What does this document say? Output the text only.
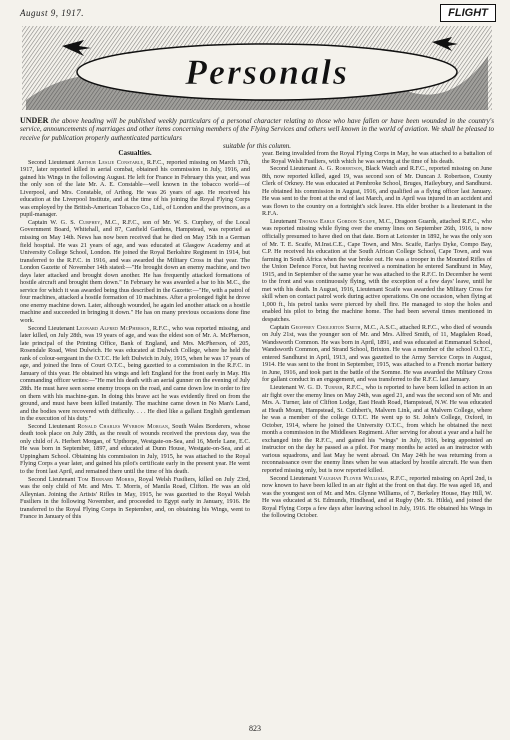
August 9, 1917.	FLIGHT
Personals
UNDER the above heading will be published weekly particulars of a personal character relating to those who have fallen or have been wounded in the country's service, announcements of marriages and other items concerning members of the Flying Services and others well known in the world of aviation. We shall be pleased to receive for publication properly authenticated particulars
suitable for this column.
Casualties.

Second Lieutenant Arthur Leslie Constable, R.F.C., reported missing on March 17th, 1917, later reported killed in aerial combat, obtained his commission in July, 1916, and gained his Wings in the following August. He left for France in February this year, and was the only son of the late Mr. A. E. Constable—well known in the tobacco world—of Liverpool, and Mrs. Constable, of Arthog. He was 26 years of age. He received his education at the Liverpool Institute, and at the time of his joining the Royal Flying Corps was employed by the British-American Tobacco Co., Ltd., of London and the provinces, as a pupil-manager.

Captain W. G. S. Curphey, M.C., R.F.C., son of Mr. W. S. Curphey, of the Local Government Board, Whitehall, and 87, Canfield Gardens, Hampstead, was reported as missing on May 14th. News has now been received that he died on May 15th in a German field hospital. He was 21 years of age, and was educated at Glasgow Academy and at University College School, London. He joined the Royal Berkshire Regiment in 1914, but transferred to the R.F.C. in 1916, and was awarded the Military Cross in that year. The London Gazette of November 14th stated:—"He brought down an enemy machine, and two days later attacked and brought down another. He has frequently attacked formations of hostile aircraft and brought them down." In February he was awarded a bar to his M.C., the service for which it was awarded being thus described in the Gazette:—"He, with a patrol of four machines, attacked a hostile formation of 10 machines. After a prolonged fight he drove one enemy machine down. Later, although wounded, he again led another attack on a hostile machine and succeeded in bringing it down." He has on many previous occasions done fine work.

Second Lieutenant Leonard Alfred McPherson, R.F.C., who was reported missing, and later killed, on July 28th, was 19 years of age, and was the eldest son of Mr. A. McPherson, late principal of the Printing Office, Bank of England, and Mrs. McPherson, of 205, Rosendale Road, West Dulwich. He was educated at Dulwich College, where he held the rank of colour-sergeant in the O.T.C. He left Dulwich in July, 1915, when he was 17 years of age, and joined the Inns of Court O.T.C., being gazetted to a commission in the R.F.C. in January of this year. He obtained his wings and left England for the front early in May. His commanding officer writes:—"He met his death with an aerial gunner on the evening of July 28th. He must have seen some enemy troops on the road, and came down low in order to fire on them with his machine-gun. In doing this brave act he was evidently fired on from the ground, and must have been killed instantly. The machine came down in No Man's Land, and the bodies were recovered with difficulty. . . . He died like a gallant English gentleman in the execution of his duty."

Second Lieutenant Ronald Charles Wybrow Morgan, South Wales Borderers, whose death took place on July 28th, as the result of wounds received the previous day, was the only child of A. Herbert Morgan, of 'Upthorpe, Westgate-on-Sea, and 16, Merle Lane, E.C. He was born in September, 1897, and educated at Dunn House, Westgate-on-Sea, and at Uppingham School. Obtaining his commission in July, 1915, he was attached to the Royal Flying Corps a year later, and gained his pilot's certificate early in the present year. He went to the front last April, and remained there until the time of his death.

Second Lieutenant Tom Bernard Morris, Royal Welsh Fusiliers, killed on July 23rd, was the only child of Mr. and Mrs. T. Morris, of Manila Road, Clifton. He was an old Alleynian. Joining the Artists' Rifles in May, 1915, he was gazetted to the Royal Welsh Fusiliers in the following November, and proceeded to Egypt early in January, 1916. He transferred to the Royal Flying Corps in September, and, on obtaining his Wings, went to France in January of this

year. Being invalided from the Royal Flying Corps in May, he was attached to a battalion of the Royal Welsh Fusiliers, with which he was serving at the time of his death.

Second Lieutenant A. G. Robertson, Black Watch and R.F.C., reported missing on June 8th, now reported killed, aged 19, was second son of Mr. Duncan J. Robertson, County Clerk of Orkney. He was educated at Pembroke School, Bruges, Haileybury, and Sandhurst. He obtained his commission in August, 1916, and qualified as a flying officer last January. He was sent to the front at the end of last March, and in April was injured in an accident and was flown to the country on a fortnight's sick leave. His elder brother is a lieutenant in the R.F.A.

Lieutenant Thomas Earle Gordon Scaife, M.C., Dragoon Guards, attached R.F.C., who was reported missing while flying over the enemy lines on September 26th, 1916, is now officially presumed to have died on that date. Born at Leicester in 1892, he was the only son of Mr. T. E. Scaife, M.Inst.C.E., Cape Town, and Mrs. Scaife, Earlys Dyke, Compo Bay, C.P. He received his education at the South African College School, Cape Town, and was farming in South Africa when the war broke out. He was a trooper in the Mounted Rifles of the Union Defence Force, but having received a nomination he entered Sandhurst in May, 1915, and in September of the same year he was attached to the R.F.C. In December he went to the front and was continuously flying, with the exception of a few days' leave, until he met with his death. In August, 1916, Lieutenant Scaife was awarded the Military Cross for skill when on contact patrol work during active operations. On one occasion, when flying at 1,000 ft., his petrol tanks were pierced by shell fire. He managed to stop the holes and enabled his pilot to bring the machine home. The had been several times mentioned in despatches.

Captain Geoffrey Cholerton Smith, M.C., A.S.C., attached R.F.C., who died of wounds on July 21st, was the younger son of Mr. and Mrs. Alfred Smith, of 11, Magdalen Road, Wandsworth Common. He was born in April, 1891, and was educated at Emmanuel School, Wandsworth Common, and Strand School, Brixton. He was a member of the school O.T.C., entered Sandhurst in April, 1913, and was gazetted to the Army Service Corps in August, 1914. He was sent to the front in September, 1915, was attached to a French mortar battery in June, 1916, and took part in the battle of the Somme. He was awarded the Military Cross for gallant conduct in an engagement, and was transferred to the R.F.C. last January.

Lieutenant W. G. D. Turner, R.F.C., who is reported to have been killed in action in an air fight over the enemy lines on May 24th, was aged 21, and was the second son of Mr. and Mrs. A. Turner, late of Clifton Lodge, East Heath Road, Hampstead, N.W. He was educated at Heath Mount, Hampstead, St. Cuthbert's, Malvern Link, and at Malvern College, where he was a member of the college O.T.C. He went up to St. John's College, Oxford, in October, 1914, where he joined the University O.T.C., from which he obtained the next month a commission in the Middlesex Regiment. After serving for about a year and a half he exchanged into the R.F.C., and gained his "wings" in July, 1916, being appointed an instructor on the day he passed as a pilot. For many months he acted as an instructor with various squadrons, and last May he went abroad. On May 24th he was returning from a reconnaissance over the enemy lines when he was attacked by hostile aircraft. He was then reported missing only, but is now reported killed.

Second Lieutenant Vaughan Floyer Williams, R.F.C., reported missing on April 2nd, is now known to have been killed in an air fight at the front on that day. He was aged 18, and was the youngest son of Mr. and Mrs. Glynne Williams, of 7, Berkeley House, Hay Hill, W. He was educated at St. Edmunds, Hindhead, and at Rugby (Mr. St. Hilda), and joined the Royal Flying Corps a few days after leaving school in July, 1916. He obtained his Wings in the following October.

823
